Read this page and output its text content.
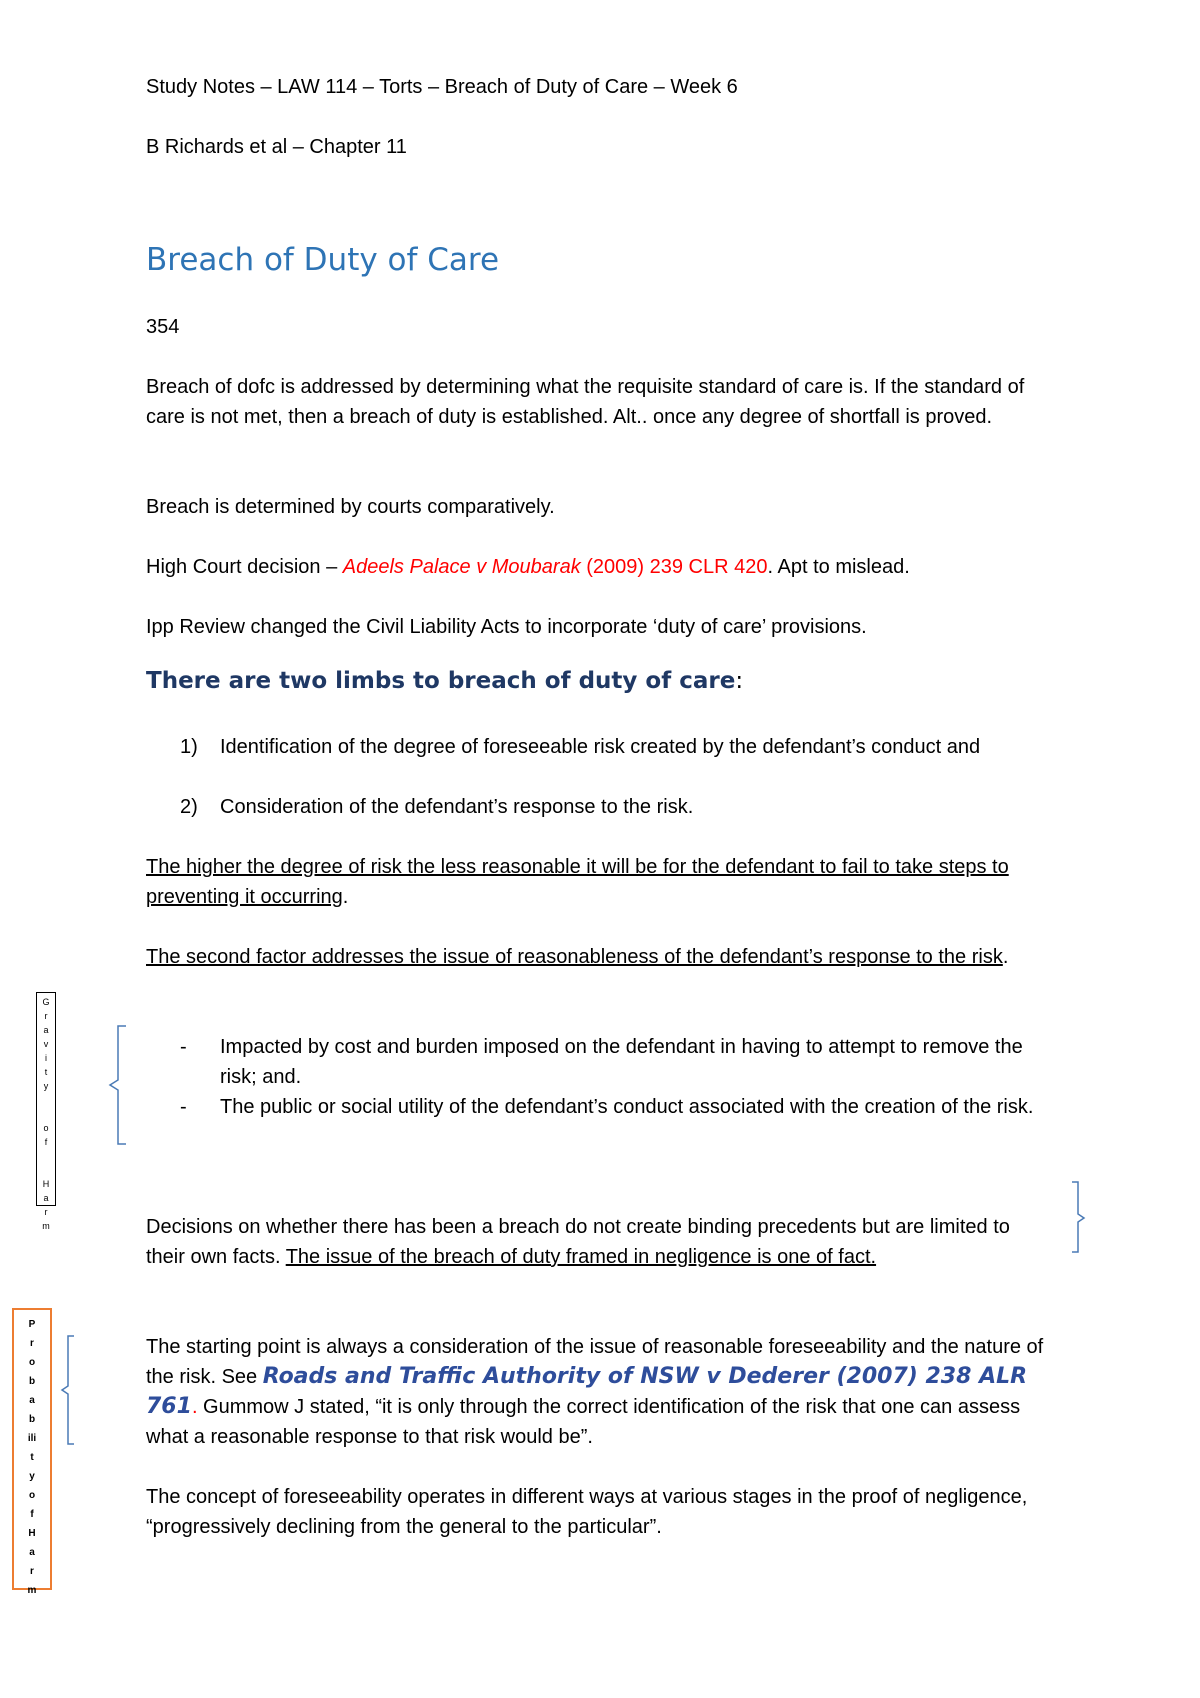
Study Notes – LAW 114 – Torts – Breach of Duty of Care – Week 6
B Richards et al – Chapter 11
Breach of Duty of Care
354
Breach of dofc is addressed by determining what the requisite standard of care is. If the standard of care is not met, then a breach of duty is established. Alt.. once any degree of shortfall is proved.
Breach is determined by courts comparatively.
High Court decision – Adeels Palace v Moubarak (2009) 239 CLR 420. Apt to mislead.
Ipp Review changed the Civil Liability Acts to incorporate ‘duty of care’ provisions.
There are two limbs to breach of duty of care:
1) Identification of the degree of foreseeable risk created by the defendant’s conduct and
2) Consideration of the defendant’s response to the risk.
The higher the degree of risk the less reasonable it will be for the defendant to fail to take steps to preventing it occurring.
The second factor addresses the issue of reasonableness of the defendant’s response to the risk.
- Impacted by cost and burden imposed on the defendant in having to attempt to remove the risk; and.
- The public or social utility of the defendant’s conduct associated with the creation of the risk.
Decisions on whether there has been a breach do not create binding precedents but are limited to their own facts. The issue of the breach of duty framed in negligence is one of fact.
The starting point is always a consideration of the issue of reasonable foreseeability and the nature of the risk. See Roads and Traffic Authority of NSW v Dederer (2007) 238 ALR 761. Gummow J stated, “it is only through the correct identification of the risk that one can assess what a reasonable response to that risk would be”.
The concept of foreseeability operates in different ways at various stages in the proof of negligence, “progressively declining from the general to the particular”.
G
r
a
v
i
t
y

o
f

H
a
r
m
P
r
o
b
a
b
ili
t
y
o
f
H
a
r
m
